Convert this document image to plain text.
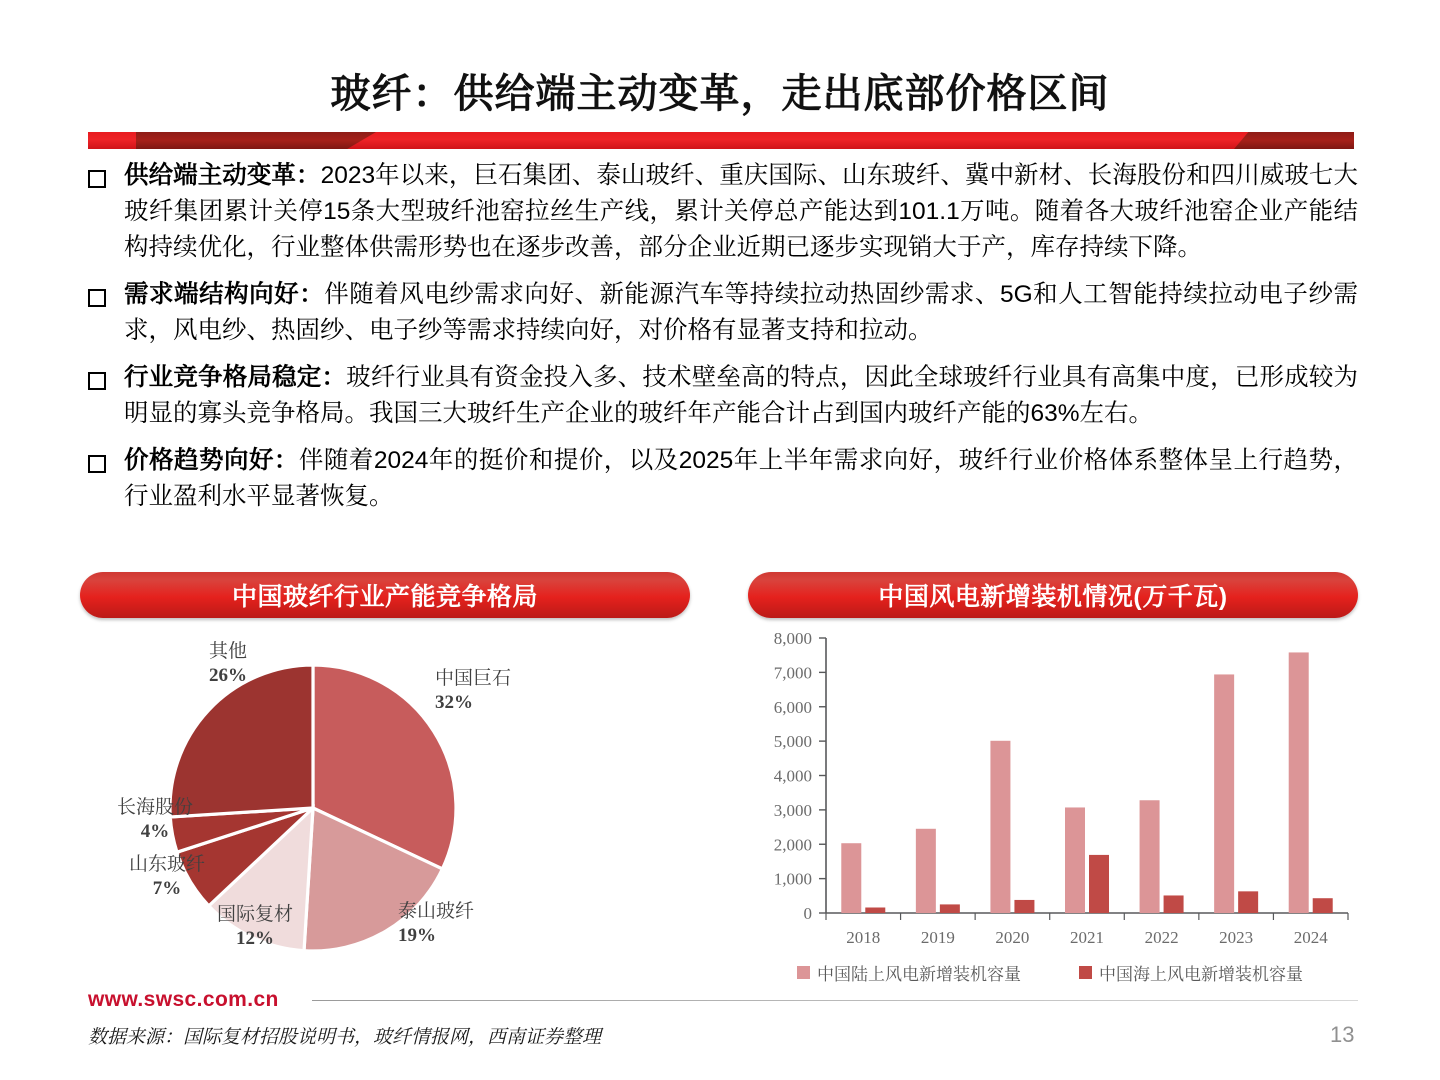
玻纤：供给端主动变革，走出底部价格区间
供给端主动变革：2023年以来，巨石集团、泰山玻纤、重庆国际、山东玻纤、冀中新材、长海股份和四川威玻七大玻纤集团累计关停15条大型玻纤池窑拉丝生产线，累计关停总产能达到101.1万吨。随着各大玻纤池窑企业产能结构持续优化，行业整体供需形势也在逐步改善，部分企业近期已逐步实现销大于产，库存持续下降。
需求端结构向好：伴随着风电纱需求向好、新能源汽车等持续拉动热固纱需求、5G和人工智能持续拉动电子纱需求，风电纱、热固纱、电子纱等需求持续向好，对价格有显著支持和拉动。
行业竞争格局稳定：玻纤行业具有资金投入多、技术壁垒高的特点，因此全球玻纤行业具有高集中度，已形成较为明显的寡头竞争格局。我国三大玻纤生产企业的玻纤年产能合计占到国内玻纤产能的63%左右。
价格趋势向好：伴随着2024年的挺价和提价，以及2025年上半年需求向好，玻纤行业价格体系整体呈上行趋势，行业盈利水平显著恢复。
中国玻纤行业产能竞争格局	中国风电新增装机情况(万千瓦)
中国巨石
32%
泰山玻纤
19%
国际复材
12%
山东玻纤
7%
长海股份
4%
其他
26%
0
1,000
2,000
3,000
4,000
5,000
6,000
7,000
8,000
2018 2019 2020 2021 2022 2023 2024
中国陆上风电新增装机容量	中国海上风电新增装机容量
www.swsc.com.cn
数据来源：国际复材招股说明书，玻纤情报网，西南证券整理	13
